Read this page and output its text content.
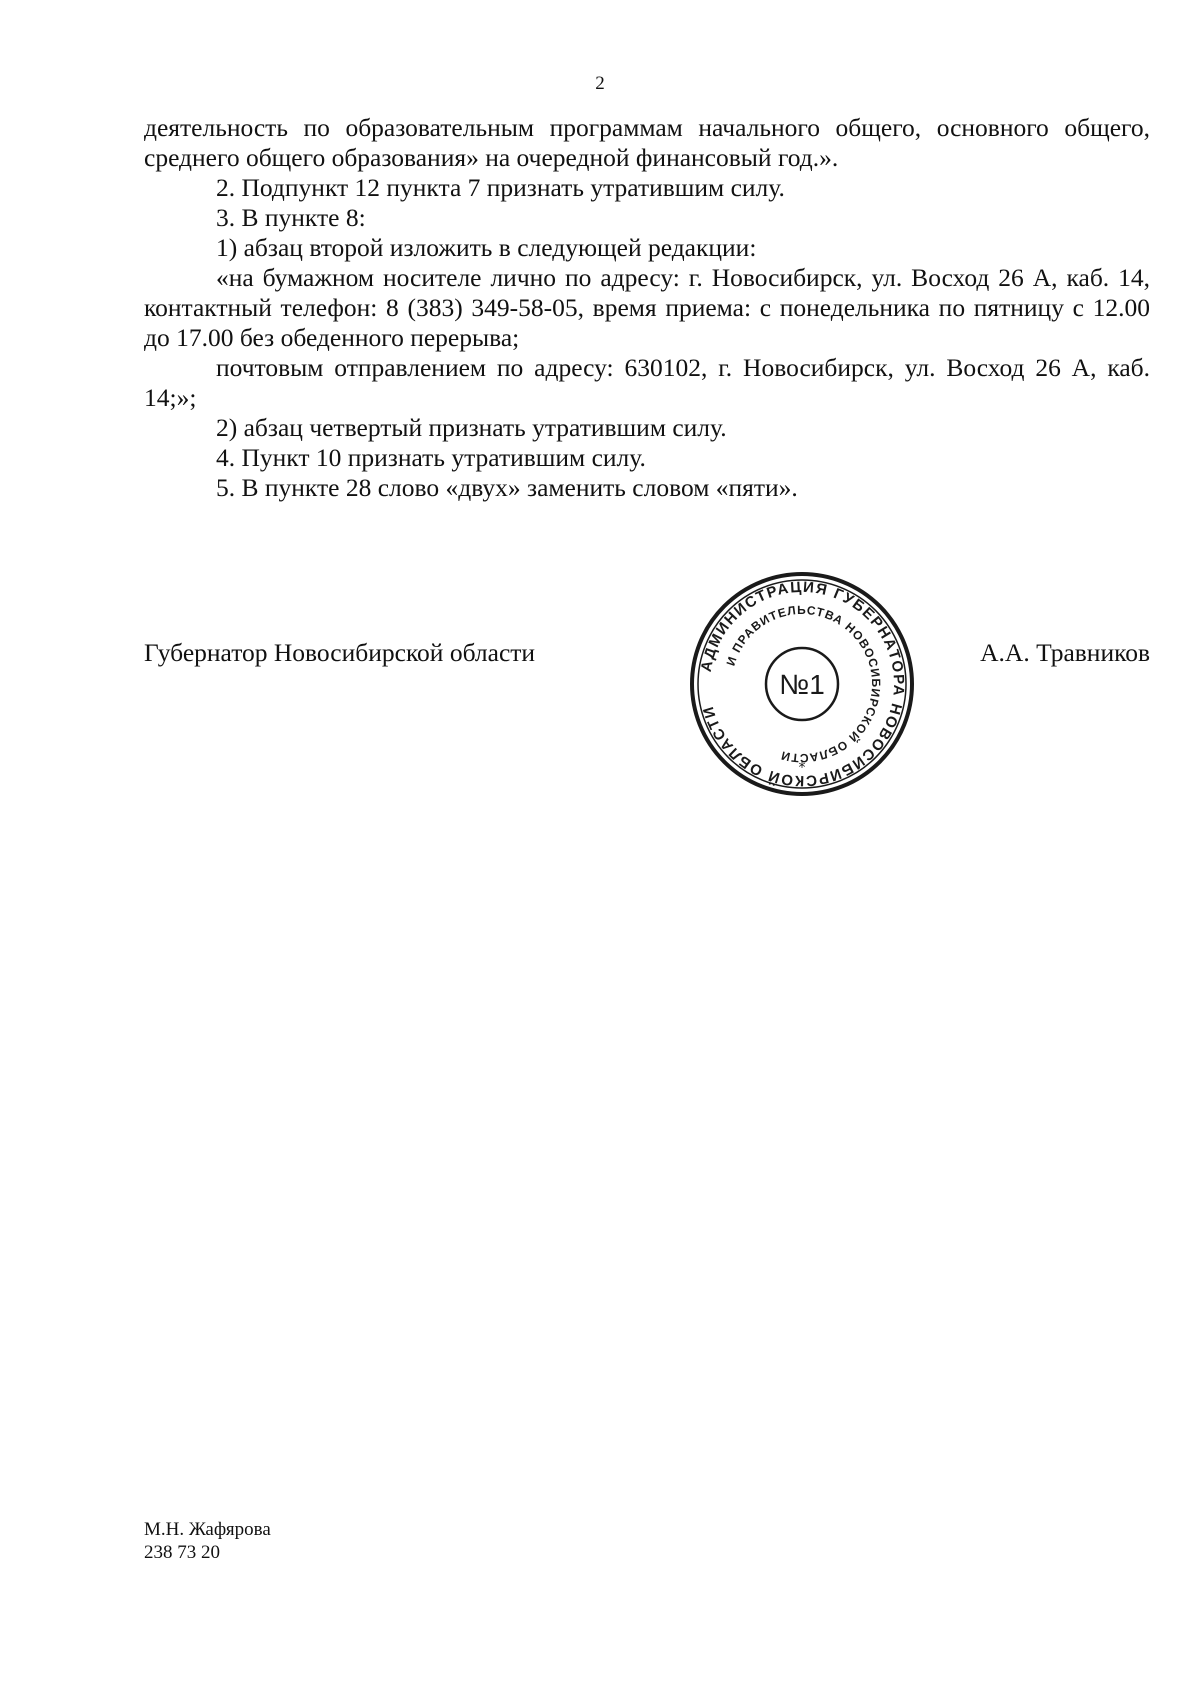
2

деятельность по образовательным программам начального общего, основного общего, среднего общего образования» на очередной финансовый год.».

2. Подпункт 12 пункта 7 признать утратившим силу.

3. В пункте 8:

1) абзац второй изложить в следующей редакции:

«на бумажном носителе лично по адресу: г. Новосибирск, ул. Восход 26 А, каб. 14, контактный телефон: 8 (383) 349-58-05, время приема: с понедельника по пятницу с 12.00 до 17.00 без обеденного перерыва;

почтовым отправлением по адресу: 630102, г. Новосибирск, ул. Восход 26 А, каб. 14;»;

2) абзац четвертый признать утратившим силу.

4. Пункт 10 признать утратившим силу.

5. В пункте 28 слово «двух» заменить словом «пяти».

Губернатор Новосибирской области	А.А. Травников
АДМИНИСТРАЦИЯ ГУБЕРНАТОРА НОВОСИБИРСКОЙ ОБЛАСТИ
И ПРАВИТЕЛЬСТВА НОВОСИБИРСКОЙ ОБЛАСТИ
№1
*
М.Н. Жафярова
238 73 20
